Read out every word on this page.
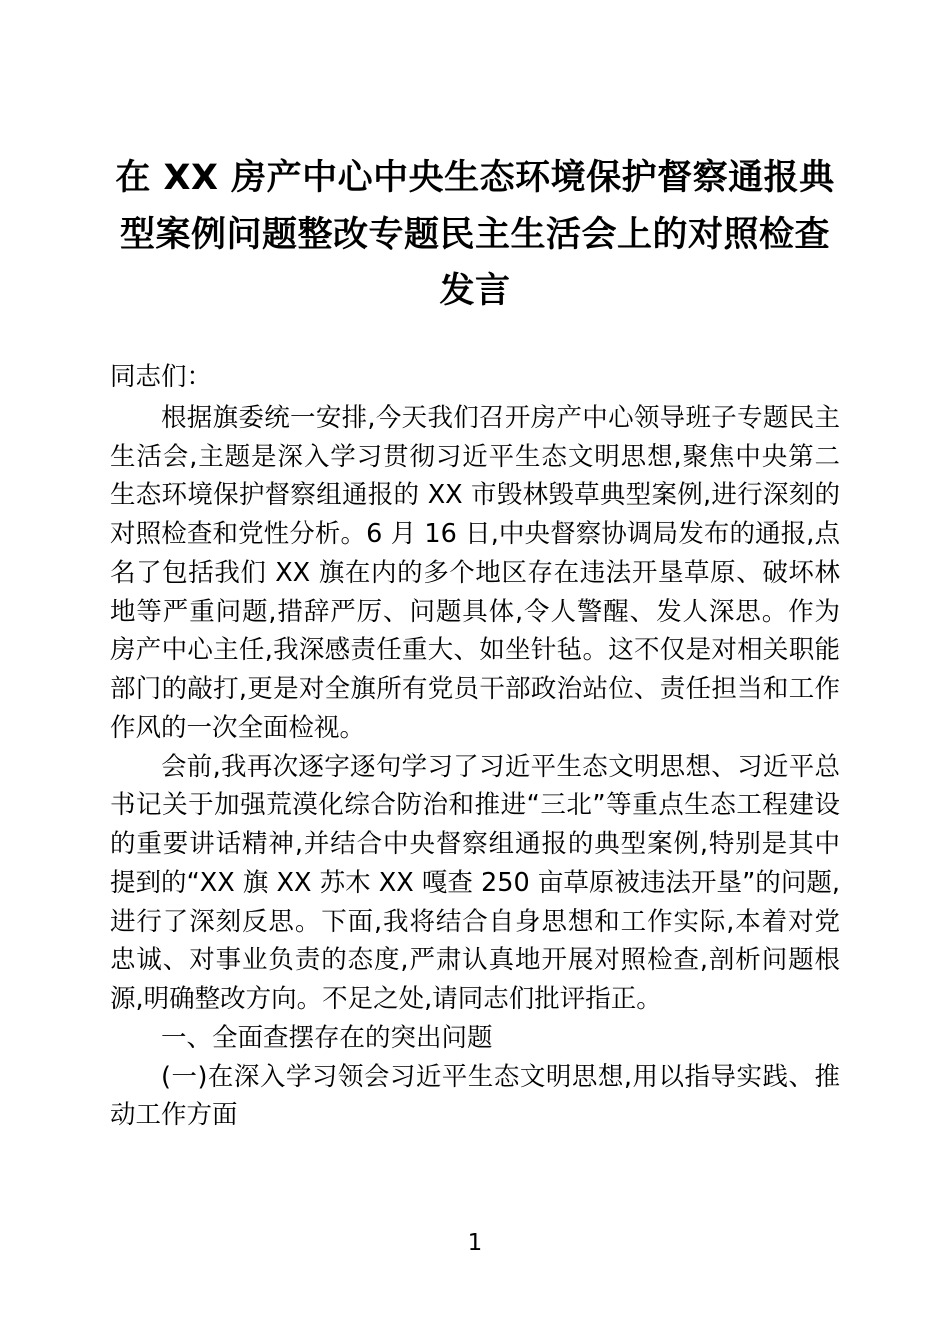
在 XX 房产中心中央生态环境保护督察通报典型案例问题整改专题民主生活会上的对照检查发言

同志们：

根据旗委统一安排,今天我们召开房产中心领导班子专题民主生活会,主题是深入学习贯彻习近平生态文明思想,聚焦中央第二生态环境保护督察组通报的 XX 市毁林毁草典型案例,进行深刻的对照检查和党性分析。6 月 16 日,中央督察协调局发布的通报,点名了包括我们 XX 旗在内的多个地区存在违法开垦草原、破坏林地等严重问题,措辞严厉、问题具体,令人警醒、发人深思。作为房产中心主任,我深感责任重大、如坐针毡。这不仅是对相关职能部门的敲打,更是对全旗所有党员干部政治站位、责任担当和工作作风的一次全面检视。

会前,我再次逐字逐句学习了习近平生态文明思想、习近平总书记关于加强荒漠化综合防治和推进“三北”等重点生态工程建设的重要讲话精神,并结合中央督察组通报的典型案例,特别是其中提到的“XX 旗 XX 苏木 XX 嘎查 250 亩草原被违法开垦”的问题,进行了深刻反思。下面,我将结合自身思想和工作实际,本着对党忠诚、对事业负责的态度,严肃认真地开展对照检查,剖析问题根源,明确整改方向。不足之处,请同志们批评指正。

一、全面查摆存在的突出问题

(一)在深入学习领会习近平生态文明思想,用以指导实践、推动工作方面

1
